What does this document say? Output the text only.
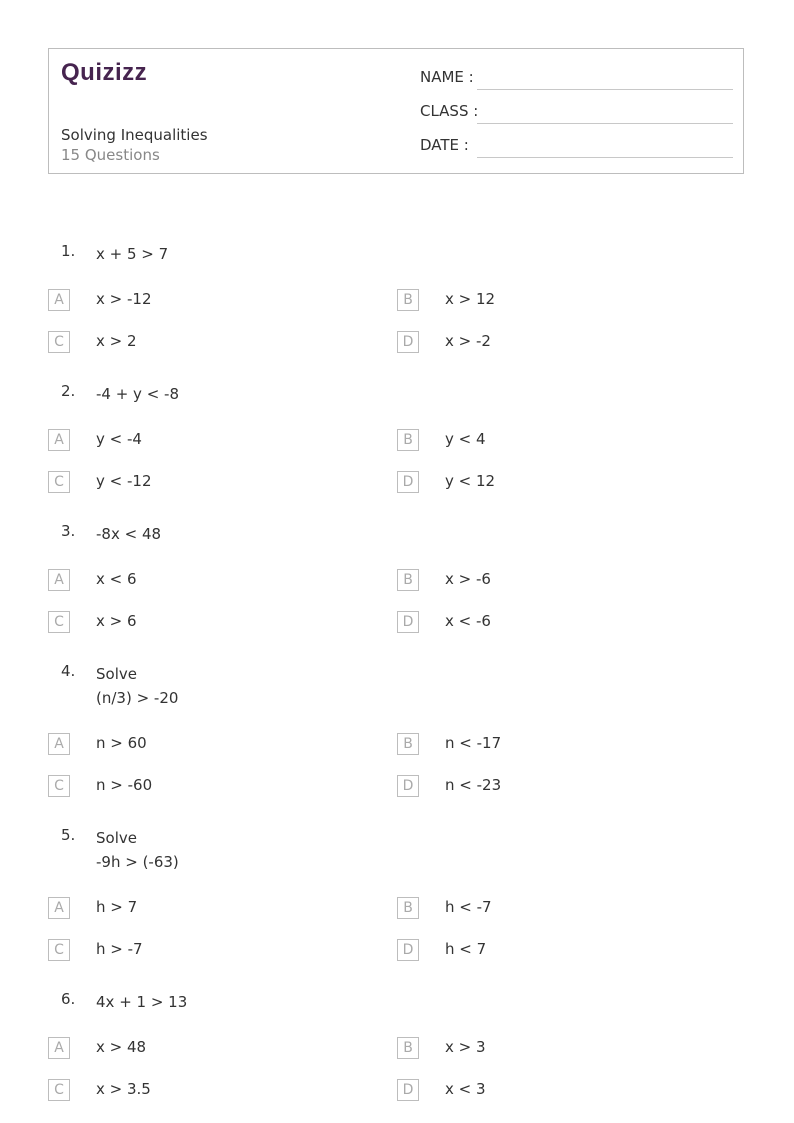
Quizizz
Solving Inequalities
15 Questions
NAME :
CLASS :
DATE :
1. x + 5 > 7
A	x > -12	B	x > 12
C	x > 2	D	x > -2
2. -4 + y < -8
A	y < -4	B	y < 4
C	y < -12	D	y < 12
3. -8x < 48
A	x < 6	B	x > -6
C	x > 6	D	x < -6
4. Solve
(n/3) > -20
A	n > 60	B	n < -17
C	n > -60	D	n < -23
5. Solve
-9h > (-63)
A	h > 7	B	h < -7
C	h > -7	D	h < 7
6. 4x + 1 > 13
A	x > 48	B	x > 3
C	x > 3.5	D	x < 3
